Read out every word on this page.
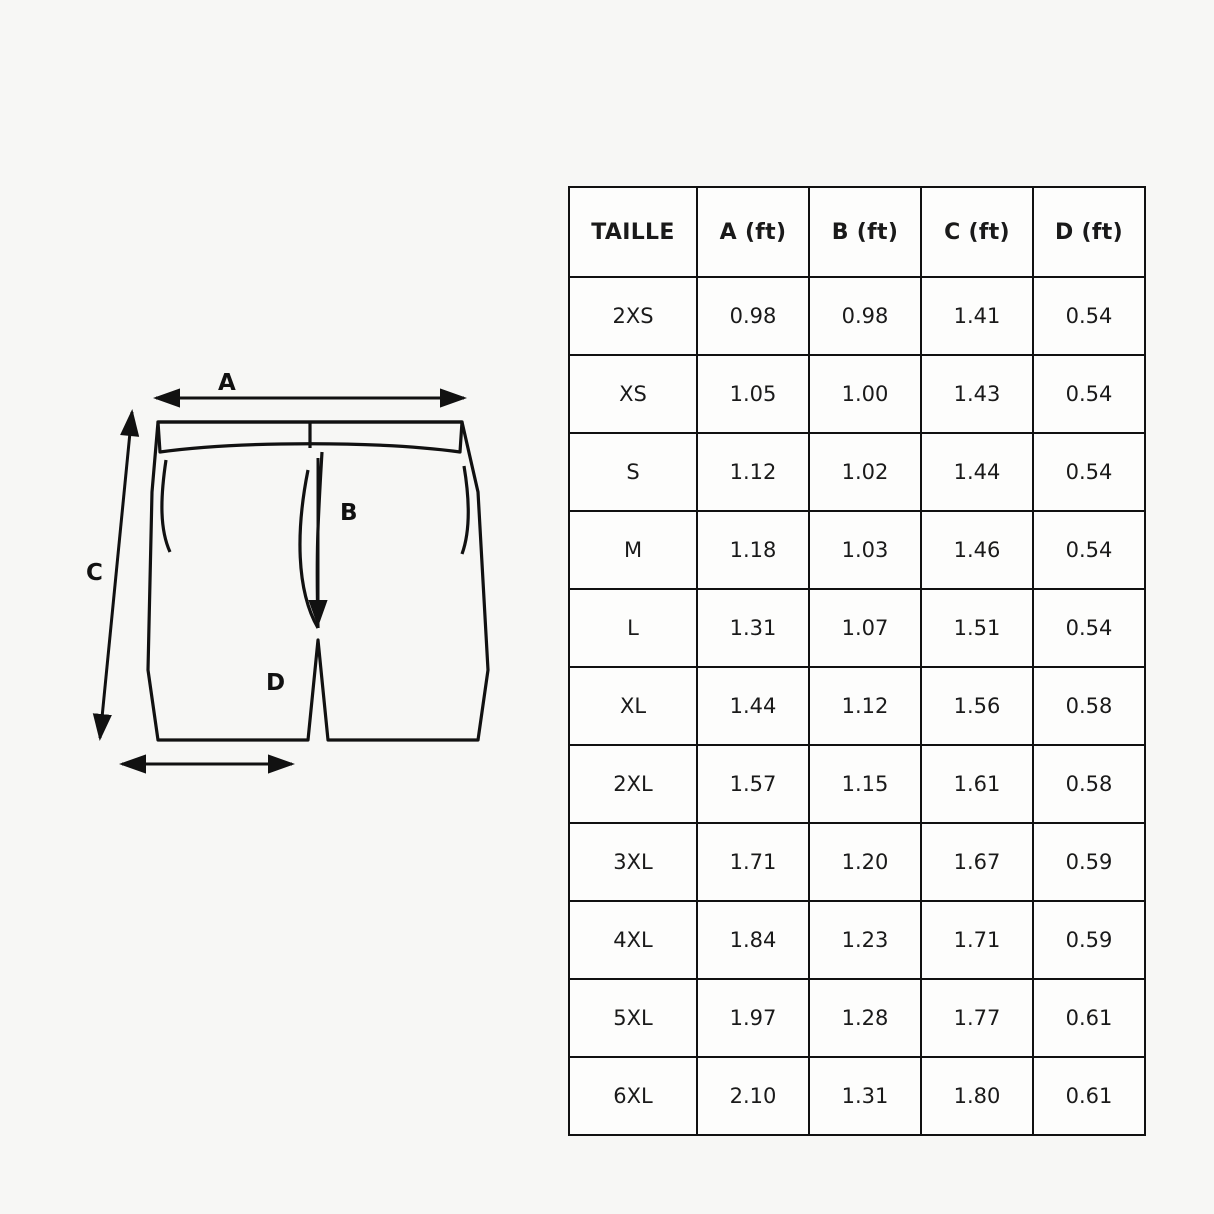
A
B
C
D
TAILLE	A (ft)	B (ft)	C (ft)	D (ft)
2XS	0.98	0.98	1.41	0.54
XS	1.05	1.00	1.43	0.54
S	1.12	1.02	1.44	0.54
M	1.18	1.03	1.46	0.54
L	1.31	1.07	1.51	0.54
XL	1.44	1.12	1.56	0.58
2XL	1.57	1.15	1.61	0.58
3XL	1.71	1.20	1.67	0.59
4XL	1.84	1.23	1.71	0.59
5XL	1.97	1.28	1.77	0.61
6XL	2.10	1.31	1.80	0.61
